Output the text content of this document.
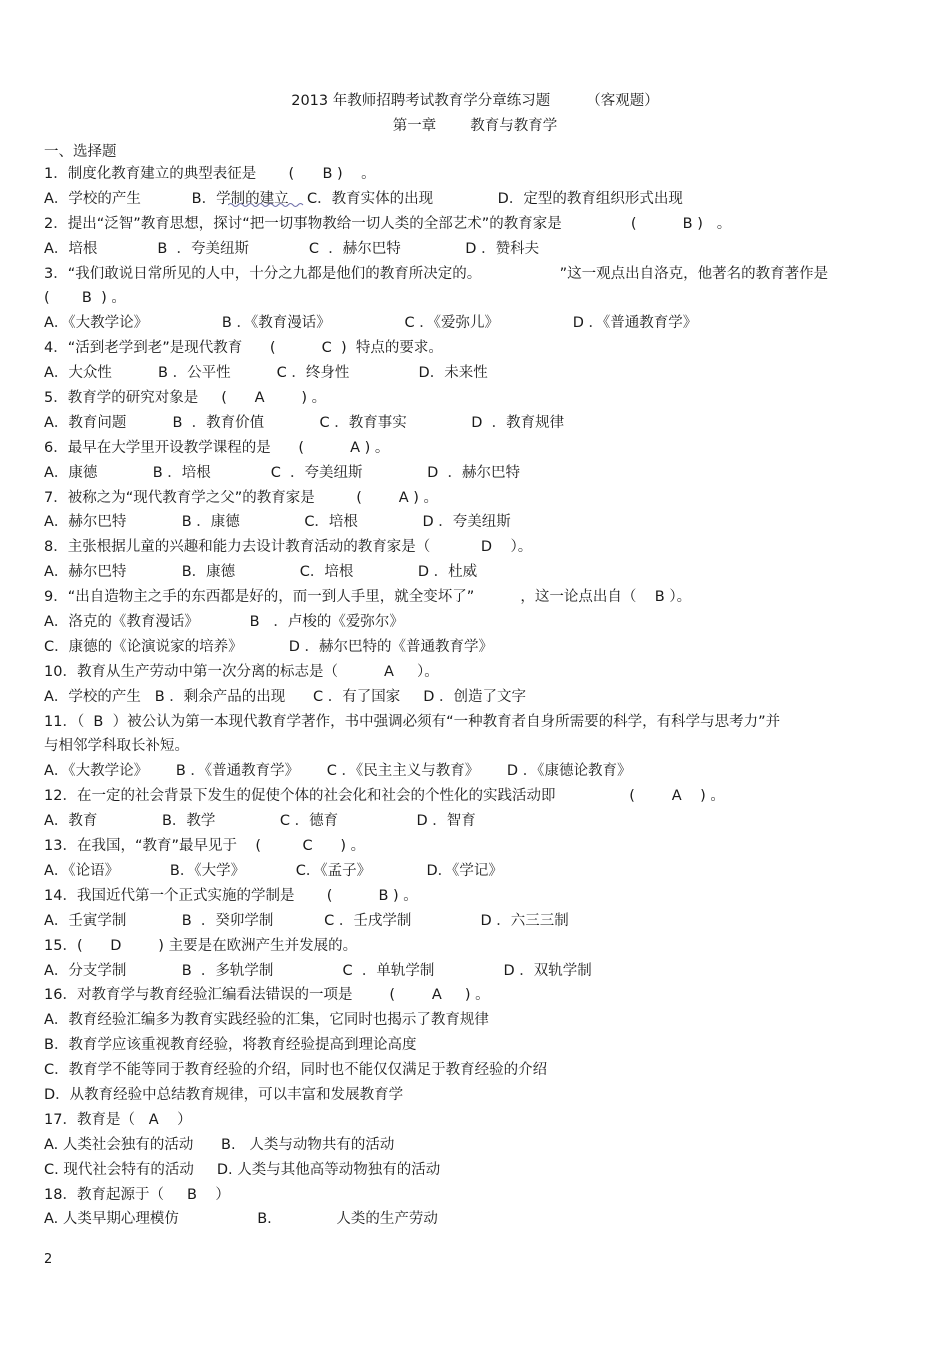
2013 年教师招聘考试教育学分章练习题 （客观题）
第一章 教育与教育学
一、选择题
1．制度化教育建立的典型表征是       ( 　  B )    。
A．学校的产生           B．学制的建立    C．教育实体的出现              D．定型的教育组织形式出现
2．提出“泛智”教育思想，探讨“把一切事物教给一切人类的全部艺术”的教育家是               (          B )   。
A．培根             B  ．夸美纽斯             C  ．赫尔巴特              D ．赞科夫
3．“我们敢说日常所见的人中，十分之九都是他们的教育所决定的。                 ”这一观点出自洛克，他著名的教育著作是
(       B  ) 。
A．《大教学论》                B ．《教育漫话》                C ．《爱弥儿》                D ．《普通教育学》
4．“活到老学到老”是现代教育      (          C  )  特点的要求。
A．大众性          B ．公平性          C ．终身性               D．未来性
5．教育学的研究对象是     (      A        ) 。
A．教育问题          B  ．教育价值            C ．教育事实              D  ．教育规律
6．最早在大学里开设教学课程的是      (          A ) 。
A．康德            B ．培根             C  ．夸美纽斯              D  ．赫尔巴特
7．被称之为“现代教育学之父”的教育家是         (        A ) 。
A．赫尔巴特            B ．康德              C．培根              D ．夸美纽斯
8．主张根据儿童的兴趣和能力去设计教育活动的教育家是（           D    ）。
A．赫尔巴特            B．康德              C．培根              D ．杜威
9．“出自造物主之手的东西都是好的，而一到人手里，就全变坏了”          ，这一论点出自（    B ）。
A．洛克的《教育漫话》           B   ．卢梭的《爱弥尔》
C．康德的《论演说家的培养》          D ．赫尔巴特的《普通教育学》
10．教育从生产劳动中第一次分离的标志是（          A     ）。
A．学校的产生   B ．剩余产品的出现      C ．有了国家     D ．创造了文字
11．（  B  ）被公认为第一本现代教育学著作，书中强调必须有“一种教育者自身所需要的科学，有科学与思考力”并
与相邻学科取长补短。
A．《大教学论》      B ．《普通教育学》      C ．《民主主义与教育》      D ．《康德论教育》
12．在一定的社会背景下发生的促使个体的社会化和社会的个性化的实践活动即                (        A    ) 。
A．教育              B．教学              C ．德育                 D ．智育
13．在我国，“教育”最早见于    (         C      ) 。
A．《论语》           B．《大学》           C．《孟子》            D．《学记》
14．我国近代第一个正式实施的学制是       (          B ) 。
A．壬寅学制            B  ．癸卯学制           C ．壬戌学制               D ．六三三制
15．(      D        ) 主要是在欧洲产生并发展的。
A．分支学制            B  ．多轨学制               C  ．单轨学制               D ．双轨学制
16．对教育学与教育经验汇编看法错误的一项是        (        A     ) 。
A．教育经验汇编多为教育实践经验的汇集，它同时也揭示了教育规律
B．教育学应该重视教育经验，将教育经验提高到理论高度
C．教育学不能等同于教育经验的介绍，同时也不能仅仅满足于教育经验的介绍
D．从教育经验中总结教育规律，可以丰富和发展教育学
17．教育是（   A    ）
A. 人类社会独有的活动      B.   人类与动物共有的活动
C. 现代社会特有的活动     D. 人类与其他高等动物独有的活动
18．教育起源于（     B    ）
A. 人类早期心理模仿                 B.              人类的生产劳动
2
